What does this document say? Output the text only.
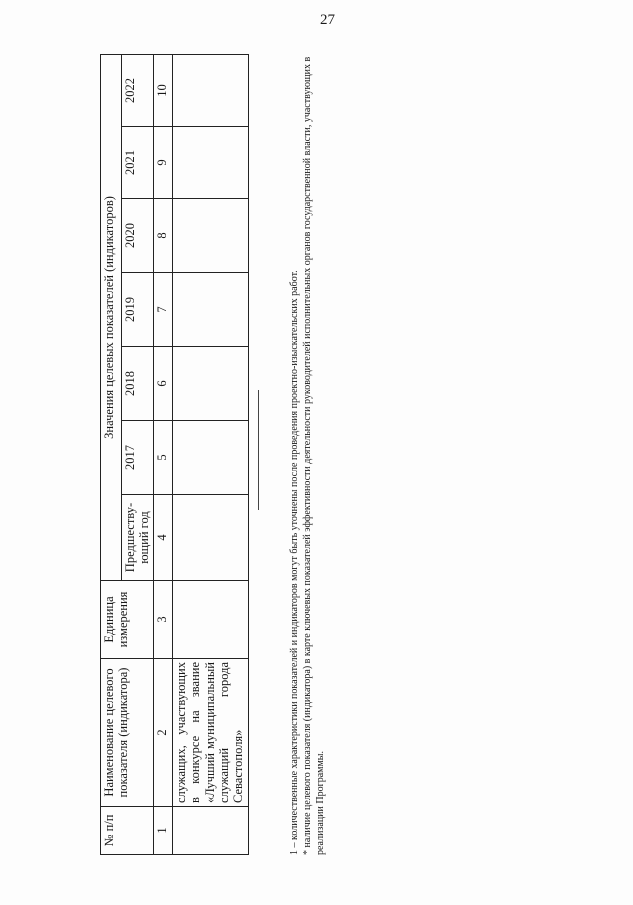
27
№ п/п	Наименование целевого показателя (индикатора)	Единица измерения	Значения целевых показателей (индикаторов)						
			Предшеству-ющий год	2017	2018	2019	2020	2021	2022
1	2	3	4	5	6	7	8	9	10
	служащих, участвующих в конкурсе на звание «Лучший муниципальный служащий города Севастополя»									1 – количественные характеристики показателей и индикаторов могут быть уточнены после проведения проектно-изыскательских работ. * наличие целевого показателя (индикатора) в карте ключевых показателей эффективности деятельности руководителей исполнительных органов государственной власти, участвующих в реализации Программы.
